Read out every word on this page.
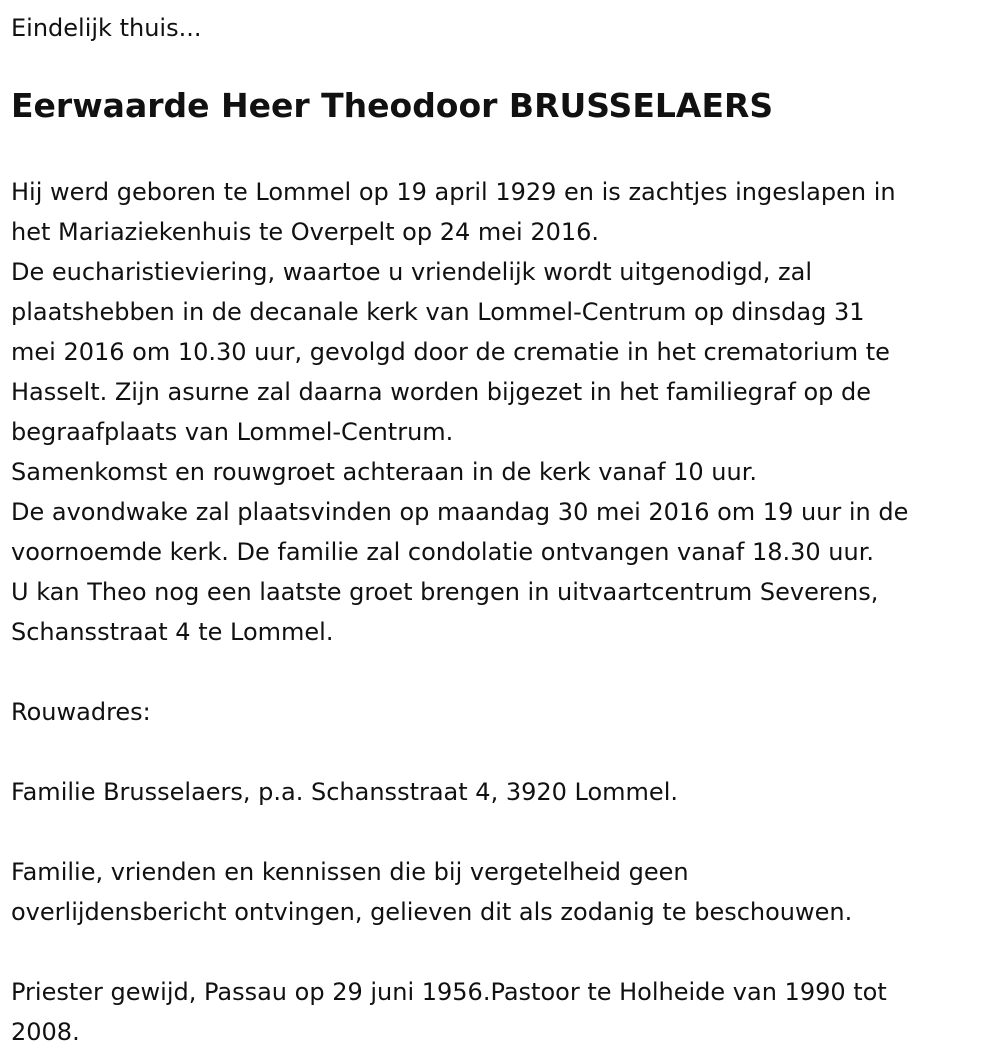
Eindelijk thuis...

Eerwaarde Heer Theodoor BRUSSELAERS
Hij werd geboren te Lommel op 19 april 1929 en is zachtjes ingeslapen in
het Mariaziekenhuis te Overpelt op 24 mei 2016.
De eucharistieviering, waartoe u vriendelijk wordt uitgenodigd, zal
plaatshebben in de decanale kerk van Lommel-Centrum op dinsdag 31
mei 2016 om 10.30 uur, gevolgd door de crematie in het crematorium te
Hasselt. Zijn asurne zal daarna worden bijgezet in het familiegraf op de
begraafplaats van Lommel-Centrum.
Samenkomst en rouwgroet achteraan in de kerk vanaf 10 uur.
De avondwake zal plaatsvinden op maandag 30 mei 2016 om 19 uur in de
voornoemde kerk. De familie zal condolatie ontvangen vanaf 18.30 uur.
U kan Theo nog een laatste groet brengen in uitvaartcentrum Severens,
Schansstraat 4 te Lommel.
Rouwadres:
Familie Brusselaers, p.a. Schansstraat 4, 3920 Lommel.
Familie, vrienden en kennissen die bij vergetelheid geen
overlijdensbericht ontvingen, gelieven dit als zodanig te beschouwen.
Priester gewijd, Passau op 29 juni 1956.Pastoor te Holheide van 1990 tot
2008.
